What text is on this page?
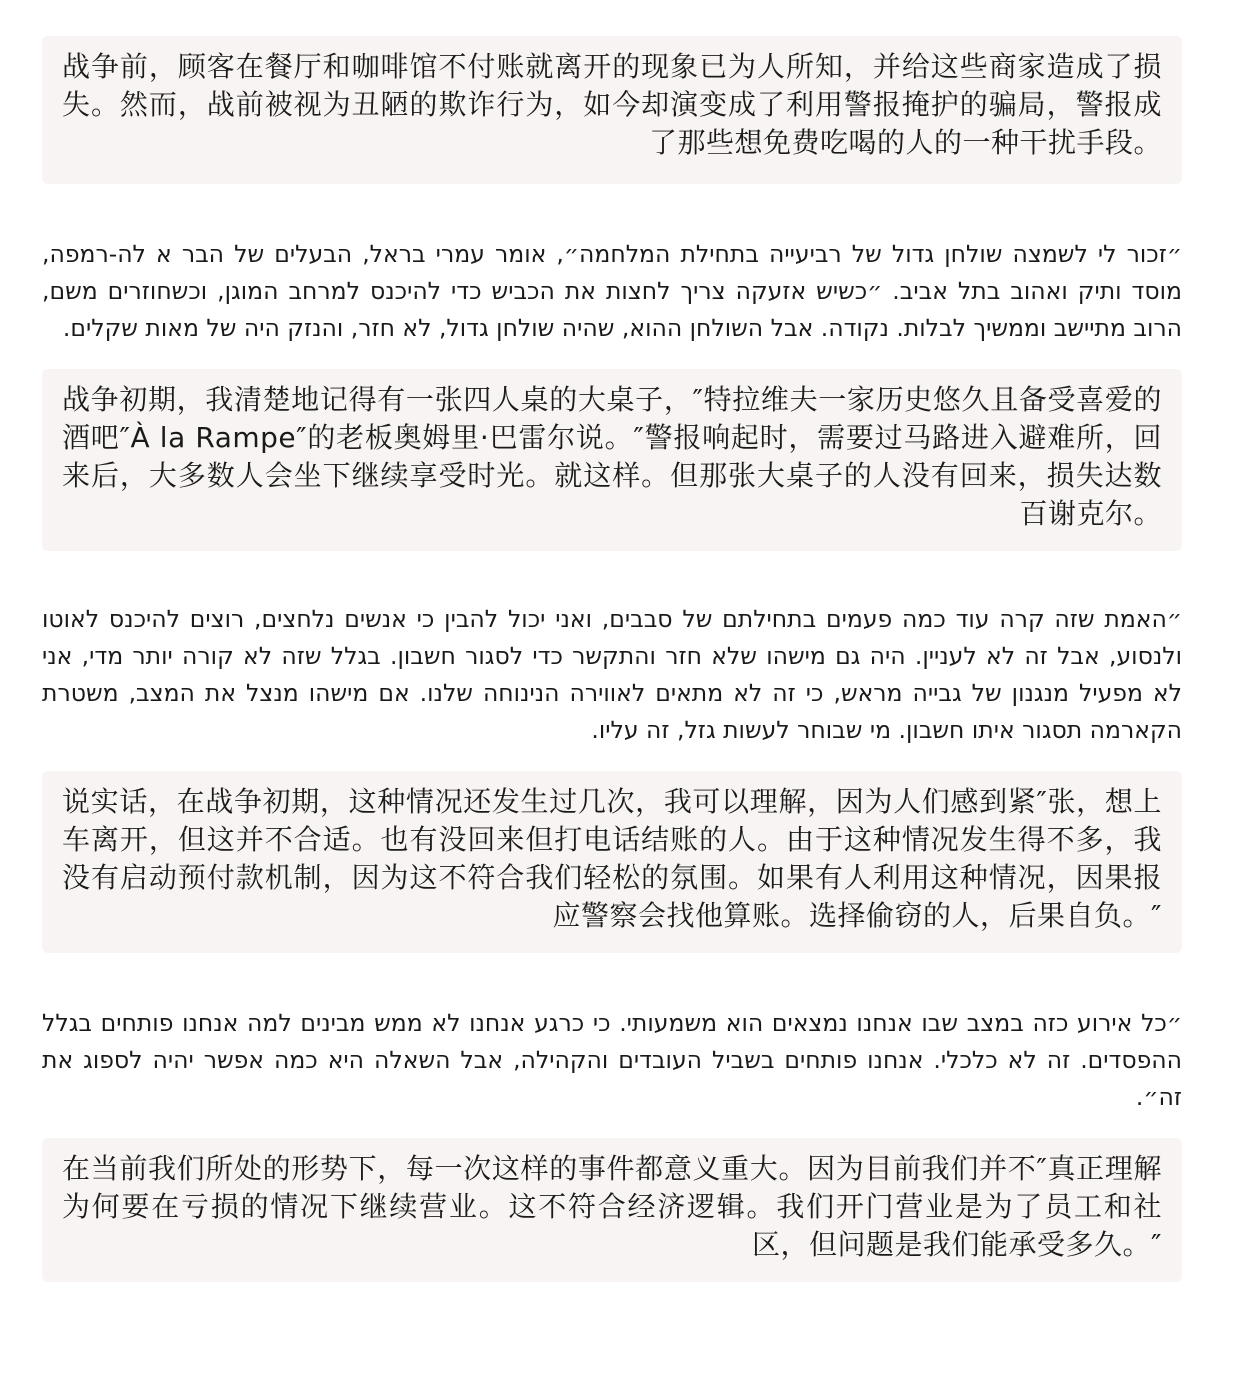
战争前，顾客在餐厅和咖啡馆不付账就离开的现象已为人所知，并给这些商家造成了损失。然而，战前被视为丑陋的欺诈行为，如今却演变成了利用警报掩护的骗局，警报成了那些想免费吃喝的人的一种干扰手段。
״זכור לי לשמצה שולחן גדול של רביעייה בתחילת המלחמה״, אומר עמרי בראל, הבעלים של הבר א לה-רמפה, מוסד ותיק ואהוב בתל אביב. ״כשיש אזעקה צריך לחצות את הכביש כדי להיכנס למרחב המוגן, וכשחוזרים משם, הרוב מתיישב וממשיך לבלות. נקודה. אבל השולחן ההוא, שהיה שולחן גדול, לא חזר, והנזק היה של מאות שקלים.
战争初期，我清楚地记得有一张四人桌的大桌子，″特拉维夫一家历史悠久且备受喜爱的酒吧″À la Rampe″的老板奥姆里·巴雷尔说。″警报响起时，需要过马路进入避难所，回来后，大多数人会坐下继续享受时光。就这样。但那张大桌子的人没有回来，损失达数百谢克尔。
״האמת שזה קרה עוד כמה פעמים בתחילתם של סבבים, ואני יכול להבין כי אנשים נלחצים, רוצים להיכנס לאוטו ולנסוע, אבל זה לא לעניין. היה גם מישהו שלא חזר והתקשר כדי לסגור חשבון. בגלל שזה לא קורה יותר מדי, אני לא מפעיל מנגנון של גבייה מראש, כי זה לא מתאים לאווירה הנינוחה שלנו. אם מישהו מנצל את המצב, משטרת הקארמה תסגור איתו חשבון. מי שבוחר לעשות גזל, זה עליו.
说实话，在战争初期，这种情况还发生过几次，我可以理解，因为人们感到紧″张，想上车离开，但这并不合适。也有没回来但打电话结账的人。由于这种情况发生得不多，我没有启动预付款机制，因为这不符合我们轻松的氛围。如果有人利用这种情况，因果报应警察会找他算账。选择偷窃的人，后果自负。″
״כל אירוע כזה במצב שבו אנחנו נמצאים הוא משמעותי. כי כרגע אנחנו לא ממש מבינים למה אנחנו פותחים בגלל ההפסדים. זה לא כלכלי. אנחנו פותחים בשביל העובדים והקהילה, אבל השאלה היא כמה אפשר יהיה לספוג את זה״.
在当前我们所处的形势下，每一次这样的事件都意义重大。因为目前我们并不″真正理解为何要在亏损的情况下继续营业。这不符合经济逻辑。我们开门营业是为了员工和社区，但问题是我们能承受多久。″
